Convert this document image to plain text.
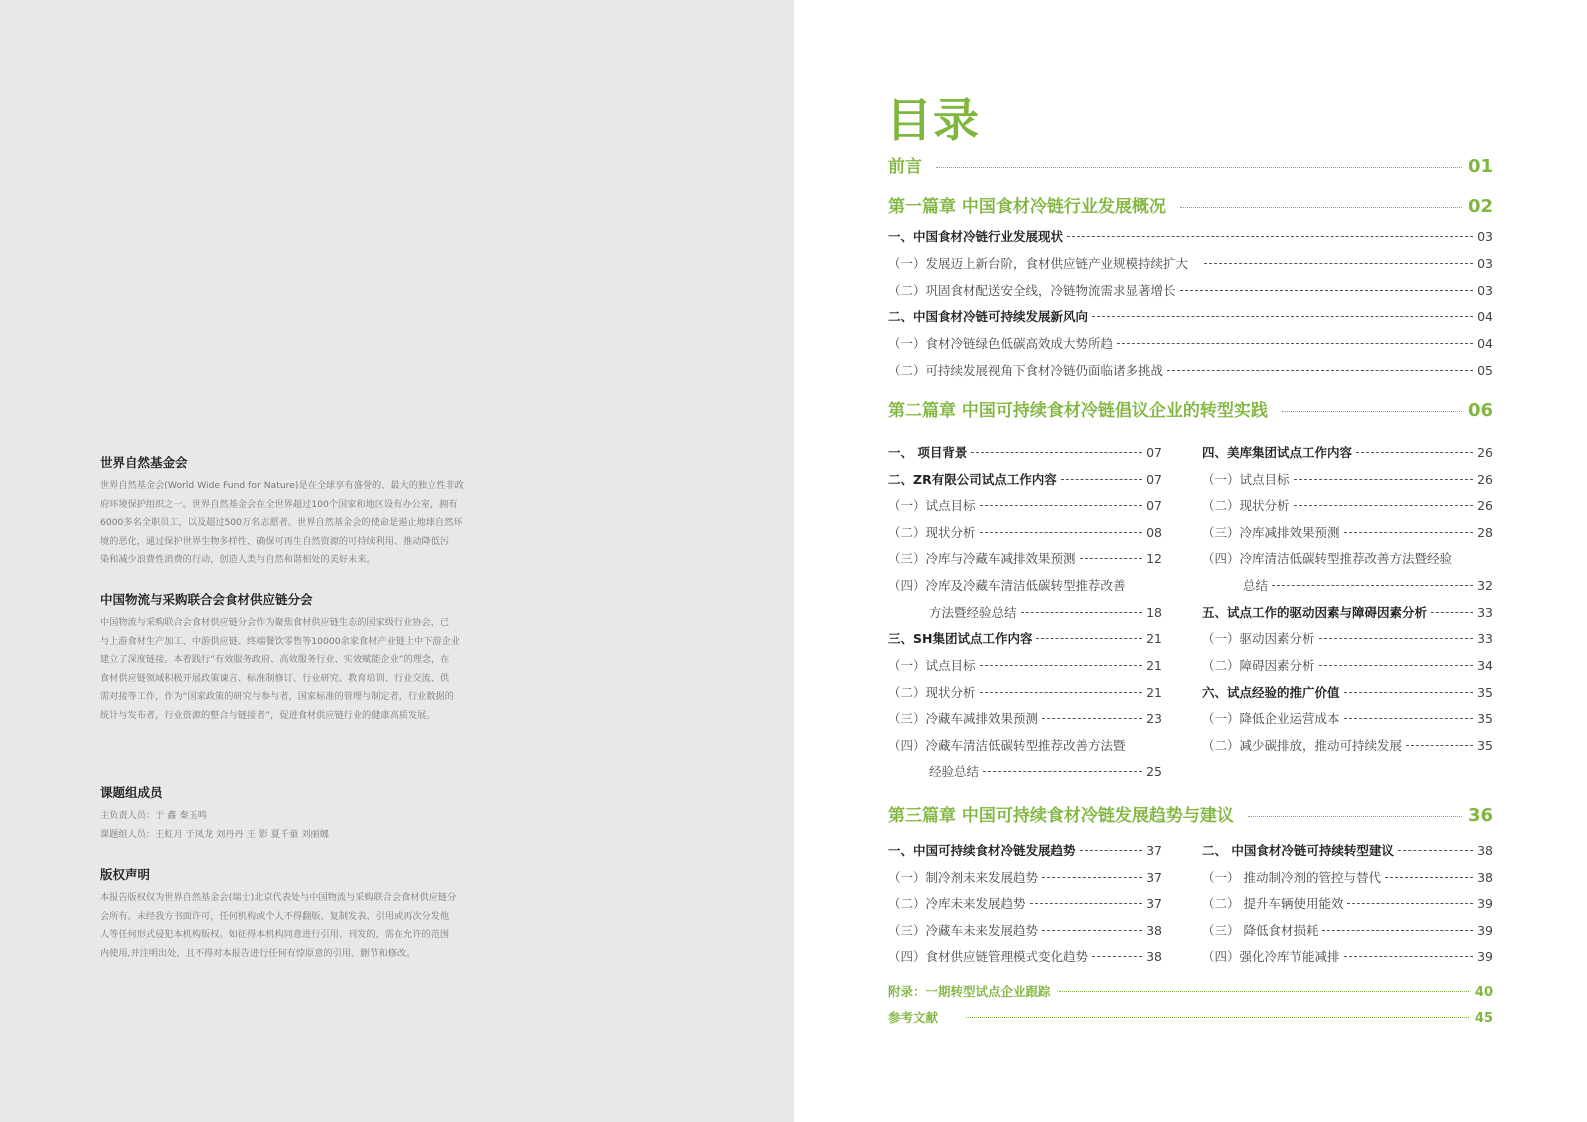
世界自然基金会
世界自然基金会(World Wide Fund for Nature)是在全球享有盛誉的、最大的独立性非政
府环境保护组织之一。世界自然基金会在全世界超过100个国家和地区设有办公室，拥有
6000多名全职员工，以及超过500万名志愿者。世界自然基金会的使命是遏止地球自然环
境的恶化，通过保护世界生物多样性、确保可再生自然资源的可持续利用、推动降低污
染和减少浪费性消费的行动，创造人类与自然和谐相处的美好未来。
中国物流与采购联合会食材供应链分会
中国物流与采购联合会食材供应链分会作为聚焦食材供应链生态的国家级行业协会，已
与上游食材生产加工、中游供应链、终端餐饮零售等10000余家食材产业链上中下游企业
建立了深度链接。本着践行“有效服务政府、高效服务行业、实效赋能企业”的理念，在
食材供应链领域积极开展政策谏言、标准制修订、行业研究、教育培训、行业交流、供
需对接等工作，作为“国家政策的研究与参与者，国家标准的管理与制定者，行业数据的
统计与发布者，行业资源的整合与链接者”，促进食材供应链行业的健康高质发展。
课题组成员
主负责人员：于 鑫 秦玉鸣
课题组人员：王虹月 于凤龙 刘丹丹 王 影 夏千童 刘丽娜
版权声明
本报告版权仅为世界自然基金会(瑞士)北京代表处与中国物流与采购联合会食材供应链分
会所有。未经我方书面许可，任何机构或个人不得翻版、复制发表、引用或再次分发他
人等任何形式侵犯本机构版权。如征得本机构同意进行引用、刊发的，需在允许的范围
内使用,并注明出处，且不得对本报告进行任何有悖原意的引用、删节和修改。
目录
前言	01
第一篇章 中国食材冷链行业发展概况	02
一、中国食材冷链行业发展现状	03
（一）发展迈上新台阶，食材供应链产业规模持续扩大	03
（二）巩固食材配送安全线，冷链物流需求显著增长	03
二、中国食材冷链可持续发展新风向	04
（一）食材冷链绿色低碳高效成大势所趋	04
（二）可持续发展视角下食材冷链仍面临诸多挑战	05
第二篇章 中国可持续食材冷链倡议企业的转型实践	06
一、 项目背景	07
二、ZR有限公司试点工作内容	07
（一）试点目标	07
（二）现状分析	08
（三）冷库与冷藏车减排效果预测	12
（四）冷库及冷藏车清洁低碳转型推荐改善
方法暨经验总结	18
三、SH集团试点工作内容	21
（一）试点目标	21
（二）现状分析	21
（三）冷藏车减排效果预测	23
（四）冷藏车清洁低碳转型推荐改善方法暨
经验总结	25
四、美库集团试点工作内容	26
（一）试点目标	26
（二）现状分析	26
（三）冷库减排效果预测	28
（四）冷库清洁低碳转型推荐改善方法暨经验
总结	32
五、试点工作的驱动因素与障碍因素分析	33
（一）驱动因素分析	33
（二）障碍因素分析	34
六、试点经验的推广价值	35
（一）降低企业运营成本	35
（二）减少碳排放，推动可持续发展	35
第三篇章 中国可持续食材冷链发展趋势与建议	36
一、中国可持续食材冷链发展趋势	37
（一）制冷剂未来发展趋势	37
（二）冷库未来发展趋势	37
（三）冷藏车未来发展趋势	38
（四）食材供应链管理模式变化趋势	38
二、 中国食材冷链可持续转型建议	38
（一） 推动制冷剂的管控与替代	38
（二） 提升车辆使用能效	39
（三） 降低食材损耗	39
（四）强化冷库节能减排	39
附录：一期转型试点企业跟踪	40
参考文献	45
